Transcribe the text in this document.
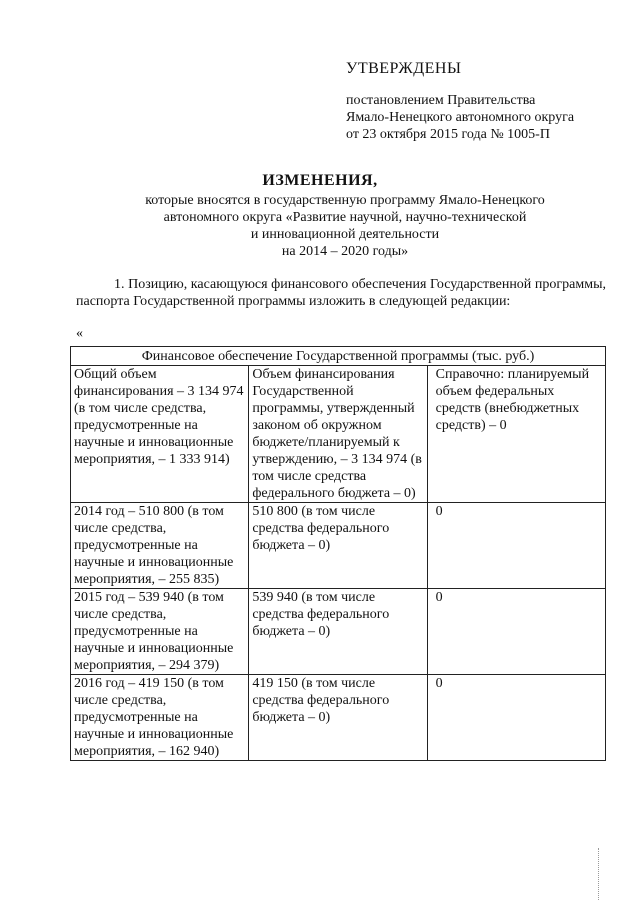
УТВЕРЖДЕНЫ
постановлением Правительства
Ямало-Ненецкого автономного округа
от 23 октября 2015 года № 1005-П
ИЗМЕНЕНИЯ,
которые вносятся в государственную программу Ямало-Ненецкого
автономного округа «Развитие научной, научно-технической
и инновационной деятельности
на 2014 – 2020 годы»
1. Позицию, касающуюся финансового обеспечения Государственной программы, паспорта Государственной программы изложить в следующей редакции:
«
Финансовое обеспечение Государственной программы (тыс. руб.)		
Общий объем финансирования – 3 134 974 (в том числе средства, предусмотренные на научные и инновационные мероприятия, – 1 333 914)	Объем финансирования Государственной программы, утвержденный законом об окружном бюджете/планируемый к утверждению, – 3 134 974 (в том числе средства федерального бюджета – 0)	Справочно: планируемый объем федеральных средств (внебюджетных средств) – 0
2014 год – 510 800 (в том числе средства, предусмотренные на научные и инновационные мероприятия, – 255 835)	510 800 (в том числе средства федерального бюджета – 0)	0
2015 год – 539 940 (в том числе средства, предусмотренные на научные и инновационные мероприятия, – 294 379)	539 940 (в том числе средства федерального бюджета – 0)	0
2016 год – 419 150 (в том числе средства, предусмотренные на научные и инновационные мероприятия, – 162 940)	419 150 (в том числе средства федерального бюджета – 0)	0
